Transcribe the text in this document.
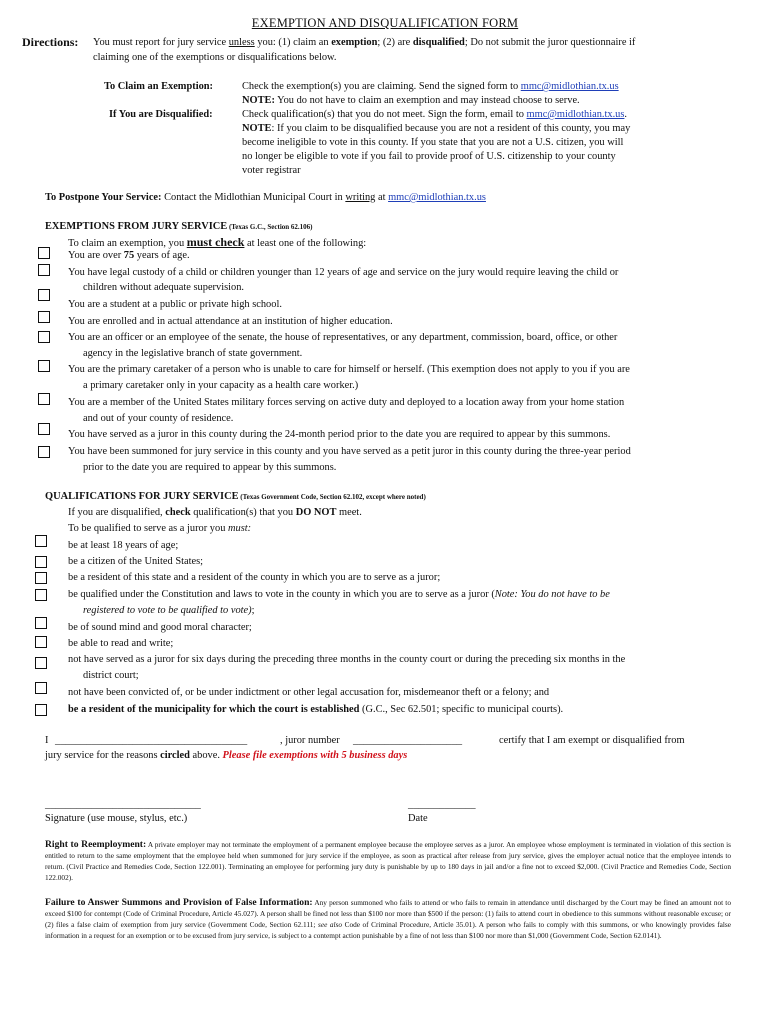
EXEMPTION AND DISQUALIFICATION FORM
Directions: You must report for jury service unless you: (1) claim an exemption; (2) are disqualified; Do not submit the juror questionnaire if
claiming one of the exemptions or disqualifications below.
To Claim an Exemption:	Check the exemption(s) you are claiming. Send the signed form to mmc@midlothian.tx.us
NOTE: You do not have to claim an exemption and may instead choose to serve.
If You are Disqualified:	Check qualification(s) that you do not meet. Sign the form, email to mmc@midlothian.tx.us.
NOTE: If you claim to be disqualified because you are not a resident of this county, you may
become ineligible to vote in this county. If you state that you are not a U.S. citizen, you will
no longer be eligible to vote if you fail to provide proof of U.S. citizenship to your county
voter registrar
To Postpone Your Service: Contact the Midlothian Municipal Court in writing at mmc@midlothian.tx.us
EXEMPTIONS FROM JURY SERVICE (Texas G.C., Section 62.106)
To claim an exemption, you must check at least one of the following:
You are over 75 years of age.
You have legal custody of a child or children younger than 12 years of age and service on the jury would require leaving the child or
children without adequate supervision.
You are a student at a public or private high school.
You are enrolled and in actual attendance at an institution of higher education.
You are an officer or an employee of the senate, the house of representatives, or any department, commission, board, office, or other
agency in the legislative branch of state government.
You are the primary caretaker of a person who is unable to care for himself or herself. (This exemption does not apply to you if you are
a primary caretaker only in your capacity as a health care worker.)
You are a member of the United States military forces serving on active duty and deployed to a location away from your home station
and out of your county of residence.
You have served as a juror in this county during the 24-month period prior to the date you are required to appear by this summons.
You have been summoned for jury service in this county and you have served as a petit juror in this county during the three-year period
prior to the date you are required to appear by this summons.
QUALIFICATIONS FOR JURY SERVICE (Texas Government Code, Section 62.102, except where noted)
If you are disqualified, check qualification(s) that you DO NOT meet.
To be qualified to serve as a juror you must:
be at least 18 years of age;
be a citizen of the United States;
be a resident of this state and a resident of the county in which you are to serve as a juror;
be qualified under the Constitution and laws to vote in the county in which you are to serve as a juror (Note: You do not have to be
registered to vote to be qualified to vote);
be of sound mind and good moral character;
be able to read and write;
not have served as a juror for six days during the preceding three months in the county court or during the preceding six months in the
district court;
not have been convicted of, or be under indictment or other legal accusation for, misdemeanor theft or a felony; and
be a resident of the municipality for which the court is established (G.C., Sec 62.501; specific to municipal courts).
I _____________________________________	, juror number _____________________	certify that I am exempt or disqualified from
jury service for the reasons circled above. Please file exemptions with 5 business days
______________________________
Signature (use mouse, stylus, etc.)
_____________
Date
Right to Reemployment: A private employer may not terminate the employment of a permanent employee because the employee serves as a juror. An employee whose employment is terminated in violation of this section is entitled to return to the same employment that the employee held when summoned for jury service if the employee, as soon as practical after release from jury service, gives the employer actual notice that the employee intends to return. (Civil Practice and Remedies Code, Section 122.001). Terminating an employee for performing jury duty is punishable by up to 180 days in jail and/or a fine not to exceed $2,000. (Civil Practice and Remedies Code, Section 122.002).
Failure to Answer Summons and Provision of False Information: Any person summoned who fails to attend or who fails to remain in attendance until discharged by the Court may be fined an amount not to exceed $100 for contempt (Code of Criminal Procedure, Article 45.027). A person shall be fined not less than $100 nor more than $500 if the person: (1) fails to attend court in obedience to this summons without reasonable excuse; or (2) files a false claim of exemption from jury service (Government Code, Section 62.111; see also Code of Criminal Procedure, Article 35.01). A person who fails to comply with this summons, or who knowingly provides false information in a request for an exemption or to be excused from jury service, is subject to a contempt action punishable by a fine of not less than $100 nor more than $1,000 (Government Code, Section 62.0141).
